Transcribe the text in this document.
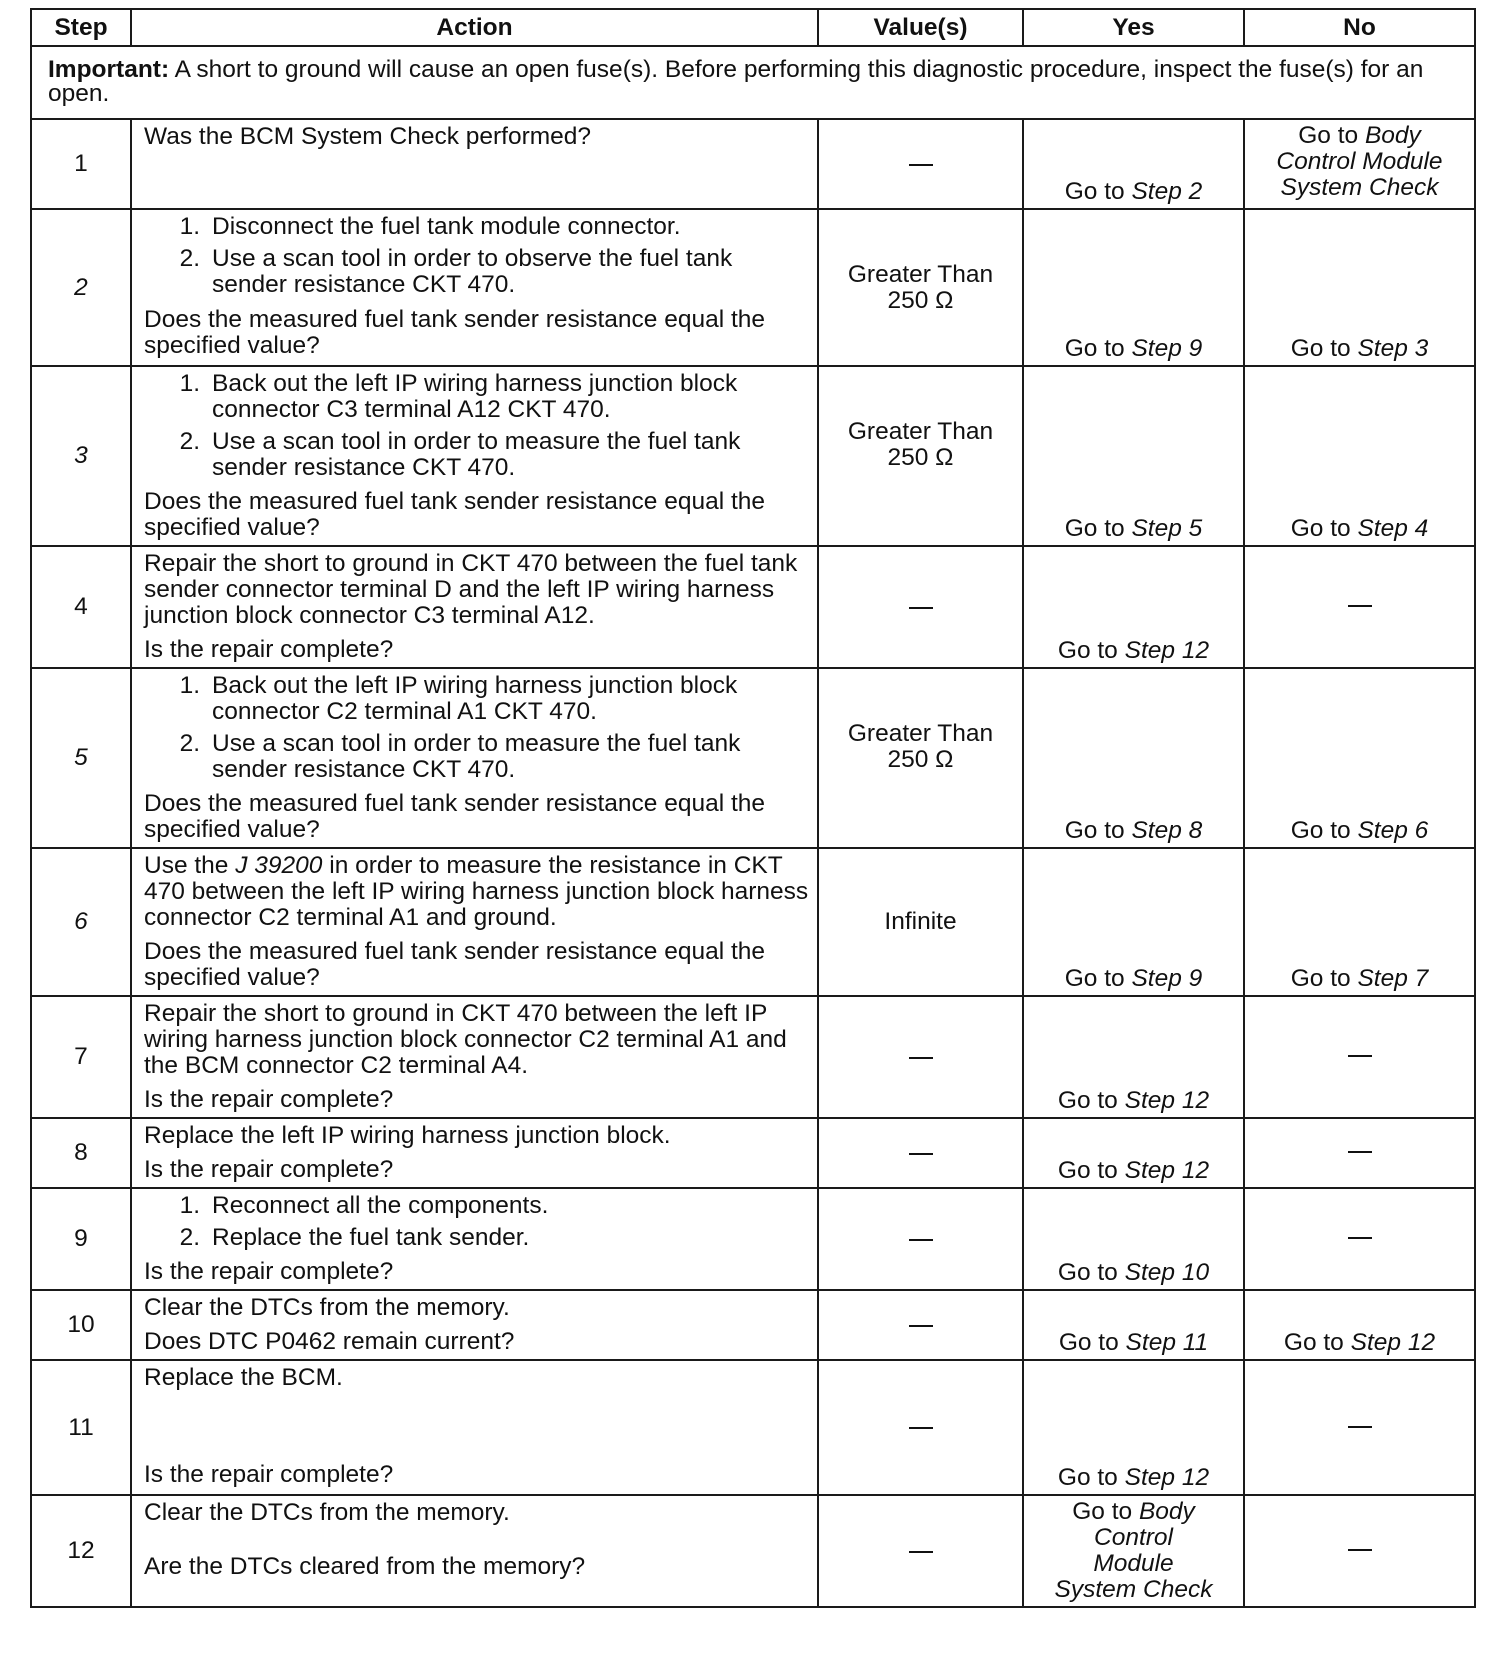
Step	Action	Value(s)	Yes	No
Important: A short to ground will cause an open fuse(s). Before performing this diagnostic procedure, inspect the fuse(s) for an open.				
1	Was the BCM System Check performed?		Go to Step 2	Go to Body Control Module System Check

2	1. Disconnect the fuel tank module connector.
2. Use a scan tool in order to observe the fuel tank sender resistance CKT 470.
Does the measured fuel tank sender resistance equal the specified value?	Greater Than 250 Ω	Go to Step 9	Go to Step 3

3	1. Back out the left IP wiring harness junction block connector C3 terminal A12 CKT 470.
2. Use a scan tool in order to measure the fuel tank sender resistance CKT 470.
Does the measured fuel tank sender resistance equal the specified value?	Greater Than 250 Ω	Go to Step 5	Go to Step 4

4	Repair the short to ground in CKT 470 between the fuel tank sender connector terminal D and the left IP wiring harness junction block connector C3 terminal A12.
Is the repair complete?		Go to Step 12	

5	1. Back out the left IP wiring harness junction block connector C2 terminal A1 CKT 470.
2. Use a scan tool in order to measure the fuel tank sender resistance CKT 470.
Does the measured fuel tank sender resistance equal the specified value?	Greater Than 250 Ω	Go to Step 8	Go to Step 6

6	Use the J 39200 in order to measure the resistance in CKT 470 between the left IP wiring harness junction block harness connector C2 terminal A1 and ground.
Does the measured fuel tank sender resistance equal the specified value?	Infinite	Go to Step 9	Go to Step 7

7	Repair the short to ground in CKT 470 between the left IP wiring harness junction block connector C2 terminal A1 and the BCM connector C2 terminal A4.
Is the repair complete?		Go to Step 12	

8	Replace the left IP wiring harness junction block.
Is the repair complete?		Go to Step 12	

9	1. Reconnect all the components.
2. Replace the fuel tank sender.
Is the repair complete?		Go to Step 10	

10	Clear the DTCs from the memory.
Does DTC P0462 remain current?		Go to Step 11	Go to Step 12

11	Replace the BCM.
Is the repair complete?		Go to Step 12	

12	Clear the DTCs from the memory.
Are the DTCs cleared from the memory?		Go to Body Control Module System Check	
